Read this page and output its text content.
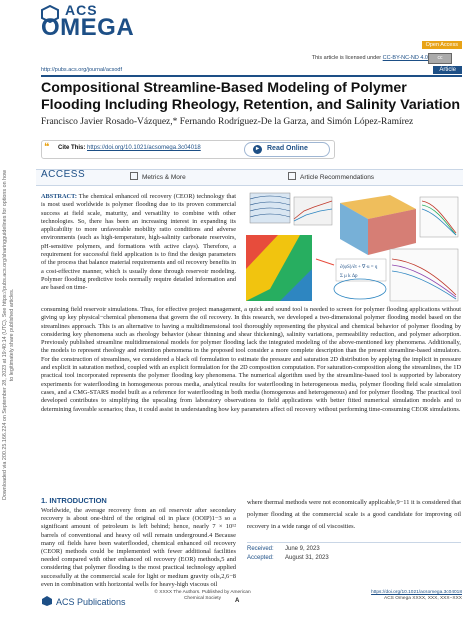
Downloaded via 200.25.166.224 on September 28, 2023 at 19:40:14 (UTC). See https://pubs.acs.org/sharingguidelines for options on how to legitimately share published articles.
ACS
OMEGA
Open Access
This article is licensed under CC-BY-NC-ND 4.0	cc
http://pubs.acs.org/journal/acsodf	Article
Compositional Streamline-Based Modeling of Polymer Flooding Including Rheology, Retention, and Salinity Variation
Francisco Javier Rosado-Vázquez,* Fernando Rodríguez-De la Garza, and Simón López-Ramírez
❝	Cite This: https://doi.org/10.1021/acsomega.3c04018	▸	Read Online
ACCESS	Metrics & More	Article Recommendations
ABSTRACT: The chemical enhanced oil recovery (CEOR) technology that is most used worldwide is polymer flooding due to its proven commercial success at field scale, maturity, and versatility to combine with other technologies. So, there has been an increasing interest in expanding its applicability to more unfavorable mobility ratio conditions and adverse environments (such as high-temperature, high-salinity carbonate reservoirs, pH-sensitive polymers, and formations with active clays). Therefore, a requirement for successful field application is to find the design parameters of the process that balance material requirements and oil recovery benefits in a cost-effective manner, which is usually done through reservoir modeling. Polymer flooding predictive tools normally require detailed information and are based on time-
∂(φS)/∂t + ∇·u = q
Σ μ k Δp
consuming field reservoir simulations. Thus, for effective project management, a quick and sound tool is needed to screen for polymer flooding applications without giving up key physical−chemical phenomena that govern the oil recovery. In this research, we developed a two-dimensional polymer flooding model based on the streamlines approach. This is an alternative to having a multidimensional tool thoroughly representing the physical and chemical behavior of polymer flooding by considering key phenomena such as rheology behavior (shear thinning and shear thickening), salinity variations, permeability reduction, and polymer adsorption. Previously published streamline multidimensional models for polymer flooding lack the integrated modeling of the above-mentioned key phenomena. Additionally, the models to represent rheology and retention phenomena in the proposed tool consider a more complete description than the present streamline-based simulators. For the construction of streamlines, we considered a black oil formulation to estimate the pressure and saturation 2D distribution by applying the implicit in pressure and explicit in saturation method, coupled with an explicit formulation for the 2D composition computation. For saturation-composition along the streamlines, the 1D practical tool incorporated represents the polymer flooding key phenomena. The numerical algorithm used by the streamline-based tool is supported by laboratory experiments for waterflooding in homogeneous porous media, analytical results for waterflooding in heterogeneous media, polymer flooding field scale simulation cases, and a CMG-STARS model built as a reference for waterflooding in both media (homogenous and heterogeneous) and for polymer flooding. The practical tool developed contributes to simplifying the upscaling from laboratory observations to field applications with better fitted numerical simulation models and to determining favorable scenarios; thus, it could assist in understanding how key parameters affect oil recovery without performing time-consuming CEOR simulations.
1. INTRODUCTION
Worldwide, the average recovery from an oil reservoir after secondary recovery is about one-third of the original oil in place (OOIP)1−3 so a significant amount of petroleum is left behind; hence, nearly 7 × 10¹² barrels of conventional and heavy oil will remain underground.4 Because many oil fields have been waterflooded, chemical enhanced oil recovery (CEOR) methods could be implemented with fewer additional facilities needed compared with other enhanced oil recovery (EOR) methods,5 and considering that polymer flooding is the most practical technology applied successfully at the commercial scale for light or medium gravity oils,2,6−8 even in combination with horizontal wells for heavy-high viscous oil
where thermal methods were not economically applicable,9−11 it is considered that polymer flooding at the commercial scale is a good candidate for improving oil recovery in a wide range of oil viscosities.
Received: June 9, 2023
Accepted: August 31, 2023
ACS Publications
© XXXX The Authors. Published by American Chemical Society	A
https://doi.org/10.1021/acsomega.3c04018
ACS Omega XXXX, XXX, XXX−XXX
